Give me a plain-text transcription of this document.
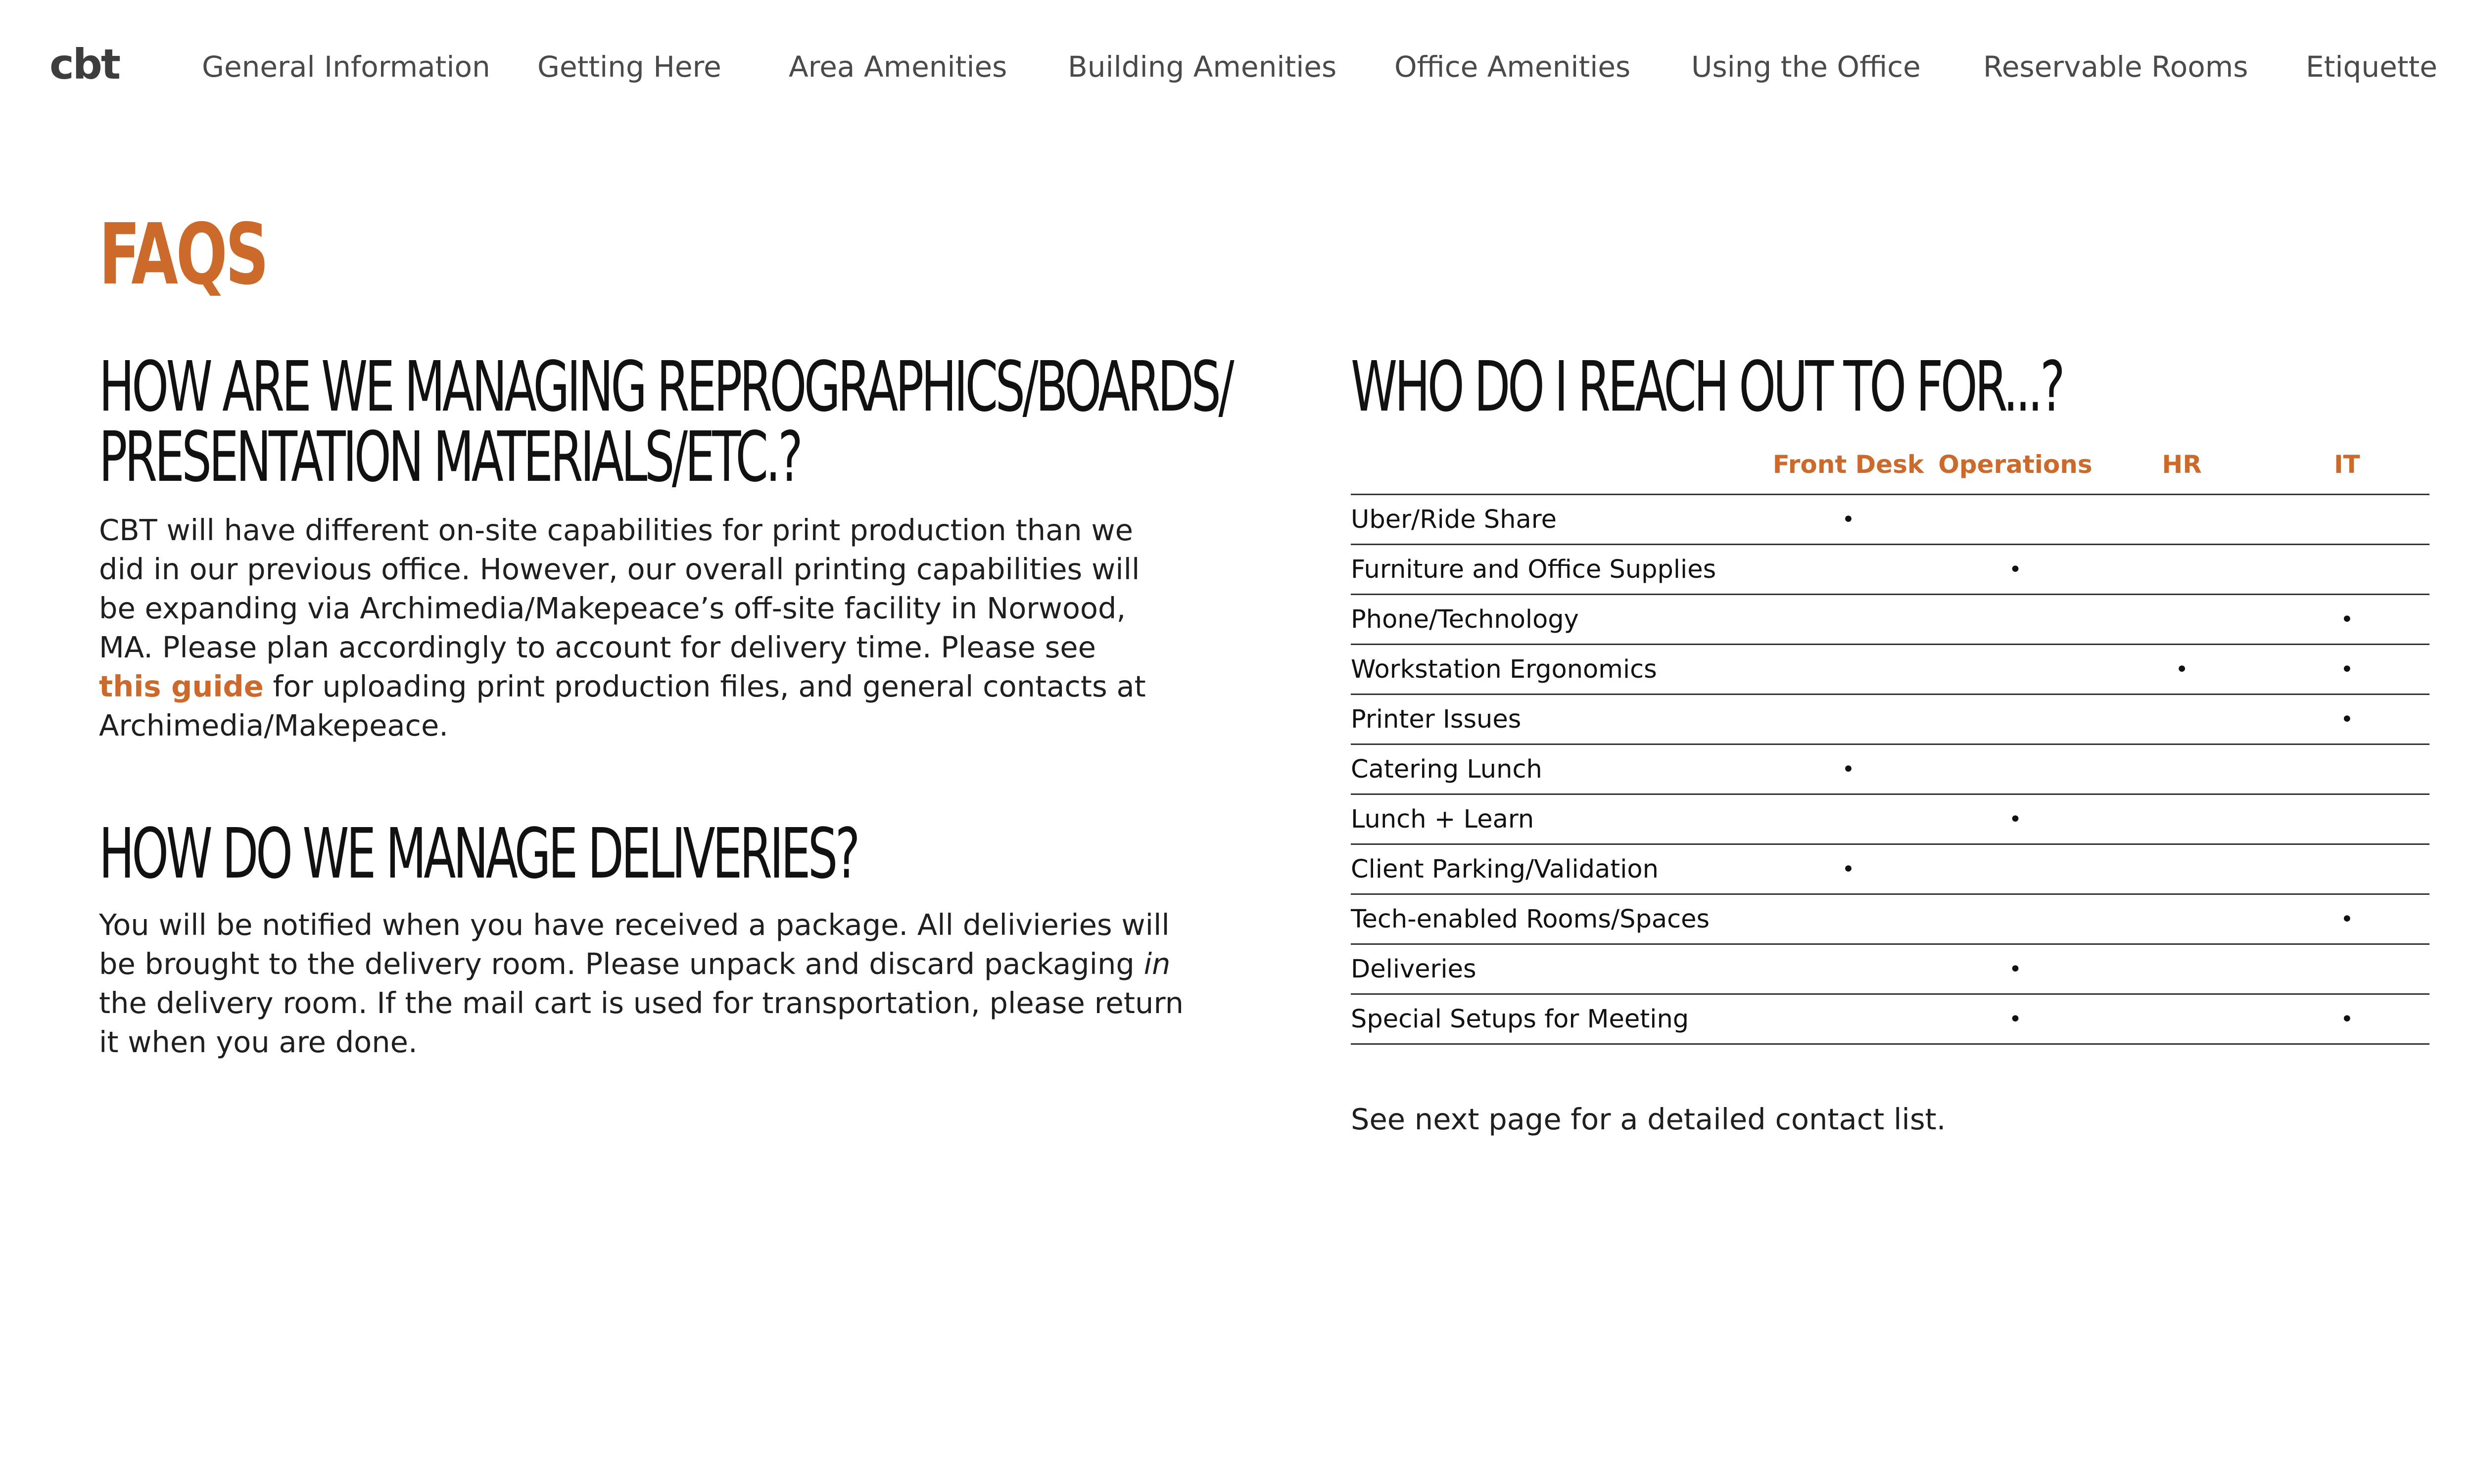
cbt	General Information Getting Here Area Amenities Building Amenities Office Amenities Using the Office Reservable Rooms Etiquette
FAQS
HOW ARE WE MANAGING REPROGRAPHICS/BOARDS/
PRESENTATION MATERIALS/ETC.?

CBT will have different on-site capabilities for print production than we
did in our previous office. However, our overall printing capabilities will
be expanding via Archimedia/Makepeace’s off-site facility in Norwood,
MA. Please plan accordingly to account for delivery time. Please see
this guide for uploading print production files, and general contacts at
Archimedia/Makepeace.

HOW DO WE MANAGE DELIVERIES?

You will be notified when you have received a package. All delivieries will
be brought to the delivery room. Please unpack and discard packaging in
the delivery room. If the mail cart is used for transportation, please return
it when you are done.

WHO DO I REACH OUT TO FOR...?
	Front Desk	Operations	HR	IT
Uber/Ride Share	•			
Furniture and Office Supplies		•		
Phone/Technology				•
Workstation Ergonomics			•	•
Printer Issues				•
Catering Lunch	•			
Lunch + Learn		•		
Client Parking/Validation	•			
Tech-enabled Rooms/Spaces				•
Deliveries		•		
Special Setups for Meeting		•		•
See next page for a detailed contact list.
